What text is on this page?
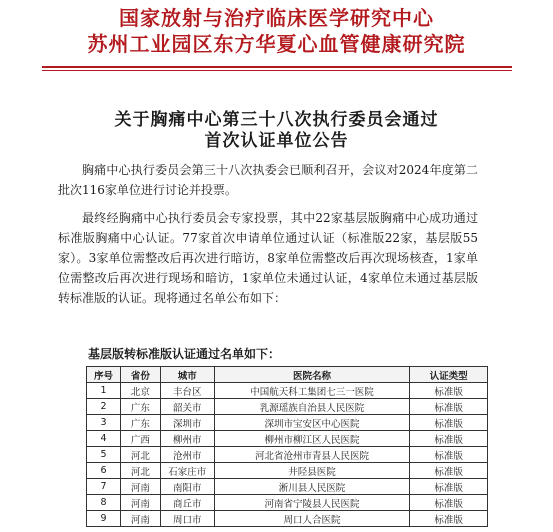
国家放射与治疗临床医学研究中心
苏州工业园区东方华夏心血管健康研究院
关于胸痛中心第三十八次执行委员会通过
首次认证单位公告
胸痛中心执行委员会第三十八次执委会已顺利召开，会议对2024年度第二批次116家单位进行讨论并投票。
最终经胸痛中心执行委员会专家投票，其中22家基层版胸痛中心成功通过标准版胸痛中心认证。77家首次申请单位通过认证（标准版22家，基层版55家）。3家单位需整改后再次进行暗访，8家单位需整改后再次现场核查，1家单位需整改后再次进行现场和暗访，1家单位未通过认证，4家单位未通过基层版转标准版的认证。现将通过名单公布如下：
基层版转标准版认证通过名单如下：
序号	省份	城市	医院名称	认证类型
1	北京	丰台区	中国航天科工集团七三一医院	标准版
2	广东	韶关市	乳源瑶族自治县人民医院	标准版
3	广东	深圳市	深圳市宝安区中心医院	标准版
4	广西	柳州市	柳州市柳江区人民医院	标准版
5	河北	沧州市	河北省沧州市青县人民医院	标准版
6	河北	石家庄市	井陉县医院	标准版
7	河南	南阳市	淅川县人民医院	标准版
8	河南	商丘市	河南省宁陵县人民医院	标准版
9	河南	周口市	周口人合医院	标准版
